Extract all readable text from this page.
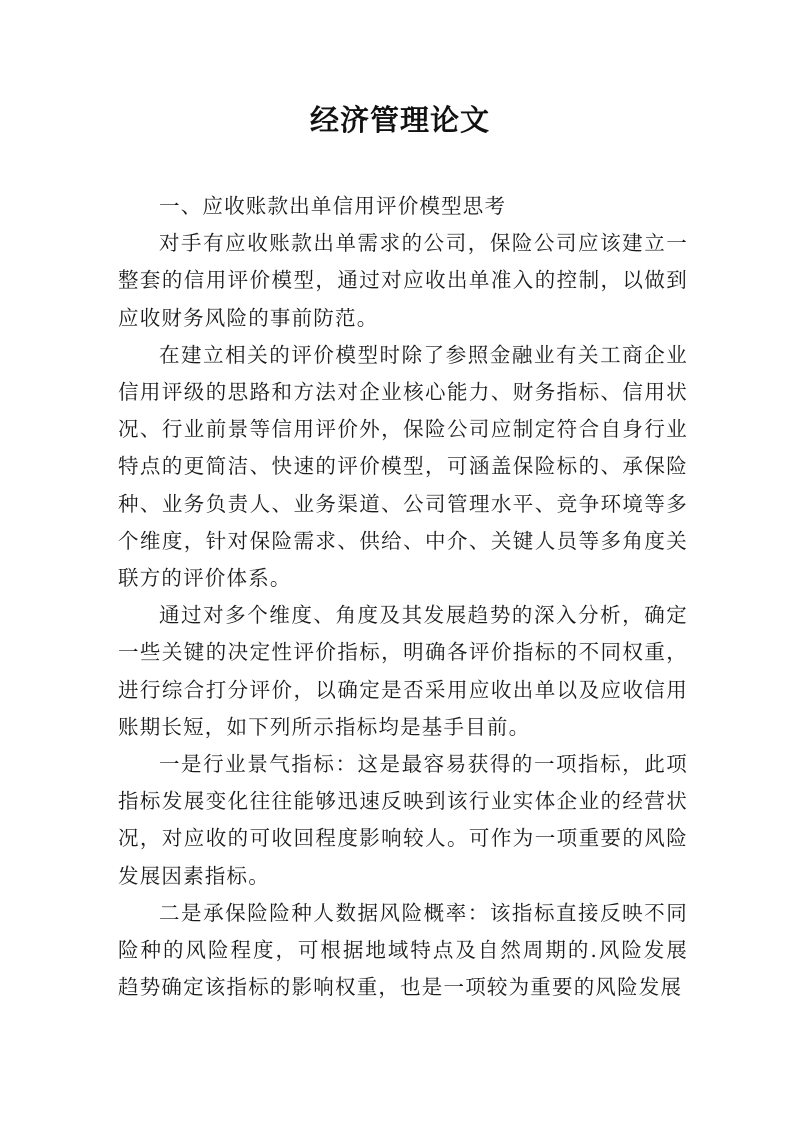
经济管理论文

一、应收账款出单信用评价模型思考

对手有应收账款出单需求的公司，保险公司应该建立一整套的信用评价模型，通过对应收出单准入的控制，以做到应收财务风险的事前防范。

在建立相关的评价模型时除了参照金融业有关工商企业信用评级的思路和方法对企业核心能力、财务指标、信用状况、行业前景等信用评价外，保险公司应制定符合自身行业特点的更简洁、快速的评价模型，可涵盖保险标的、承保险种、业务负责人、业务渠道、公司管理水平、竞争环境等多个维度，针对保险需求、供给、中介、关键人员等多角度关联方的评价体系。

通过对多个维度、角度及其发展趋势的深入分析，确定一些关键的决定性评价指标，明确各评价指标的不同权重，进行综合打分评价，以确定是否采用应收出单以及应收信用账期长短，如下列所示指标均是基手目前。

一是行业景气指标：这是最容易获得的一项指标，此项指标发展变化往往能够迅速反映到该行业实体企业的经营状况，对应收的可收回程度影响较人。可作为一项重要的风险发展因素指标。

二是承保险险种人数据风险概率：该指标直接反映不同险种的风险程度，可根据地域特点及自然周期的.风险发展趋势确定该指标的影响权重，也是一项较为重要的风险发展
